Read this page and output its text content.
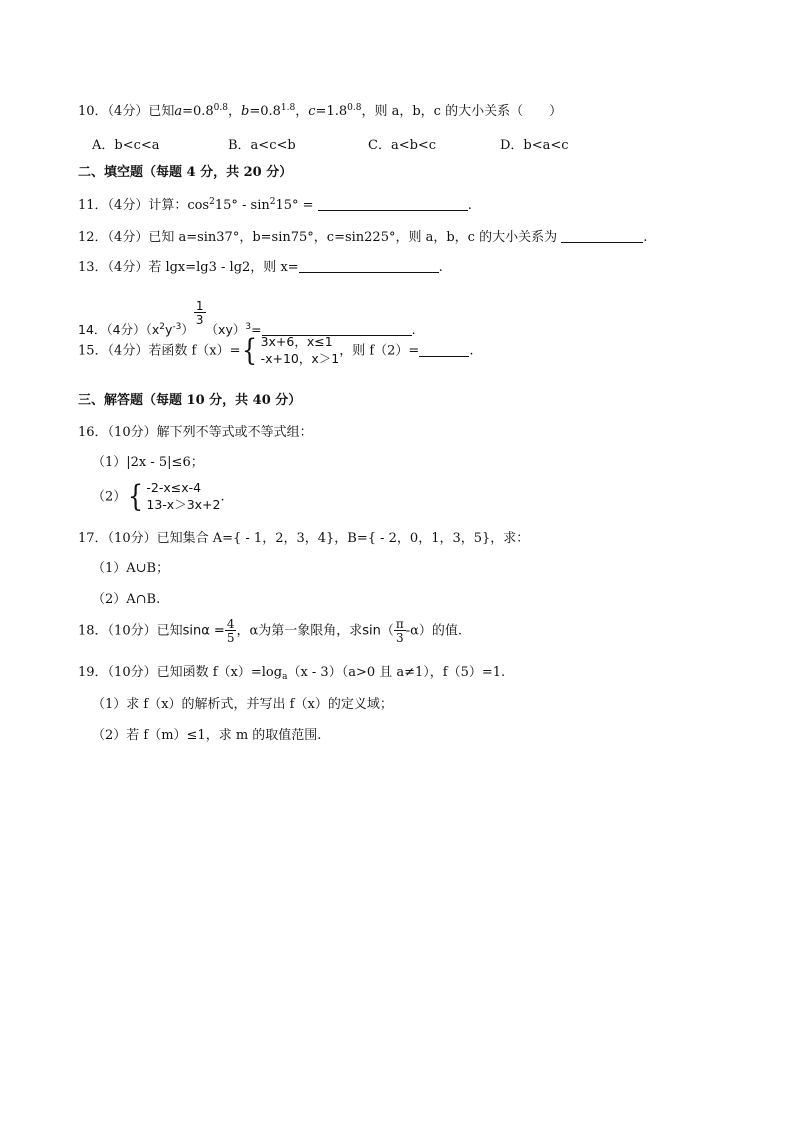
10．（4分）已知$a=0.8^{0.8}$，$b=0.8^{1.8}$，$c=1.8^{0.8}$，则 a，b，c 的大小关系（　　）
A．b<c<a	B．a<c<b	C．a<b<c	D．b<a<c
二、填空题（每题 4 分，共 20 分）
11．（4分）计算：$\cos^215^\circ - \sin^215^\circ$ =	.
12．（4分）已知 a=sin37°，b=sin75°，c=sin225°，则 a，b，c 的大小关系为	.
13．（4分）若 lgx=lg3 - lg2，则 x=	.
14．（4分）$(x^2y^{-3})$
$\frac{1}{3}$
（xy）$^3$=	.
15．（4分）若函数 f（x）={ 3x+6，x≤1
-x+10，x＞1 ，则 f（2）=	.
三、解答题（每题 10 分，共 40 分）
16．（10分）解下列不等式或不等式组：
（1）|2x - 5|≤6；
（2）{ -2-x≤x-4
13-x＞3x+2 .
17．（10分）已知集合 A={ - 1，2，3，4}，B={ - 2，0，1，3，5}，求：
（1）A∪B；
（2）A∩B.
18．（10分）已知$\sin\alpha = \frac{4}{5}$ ，α为第一象限角，求$\sin( \frac{\pi}{3} -\alpha)$的值.
19．（10分）已知函数 $f(x)=\log_a(x - 3)(a>0$ 且 a≠1），f（5）=1.
（1）求 f（x）的解析式，并写出 f（x）的定义域；
（2）若 f（m）≤1，求 m 的取值范围.
